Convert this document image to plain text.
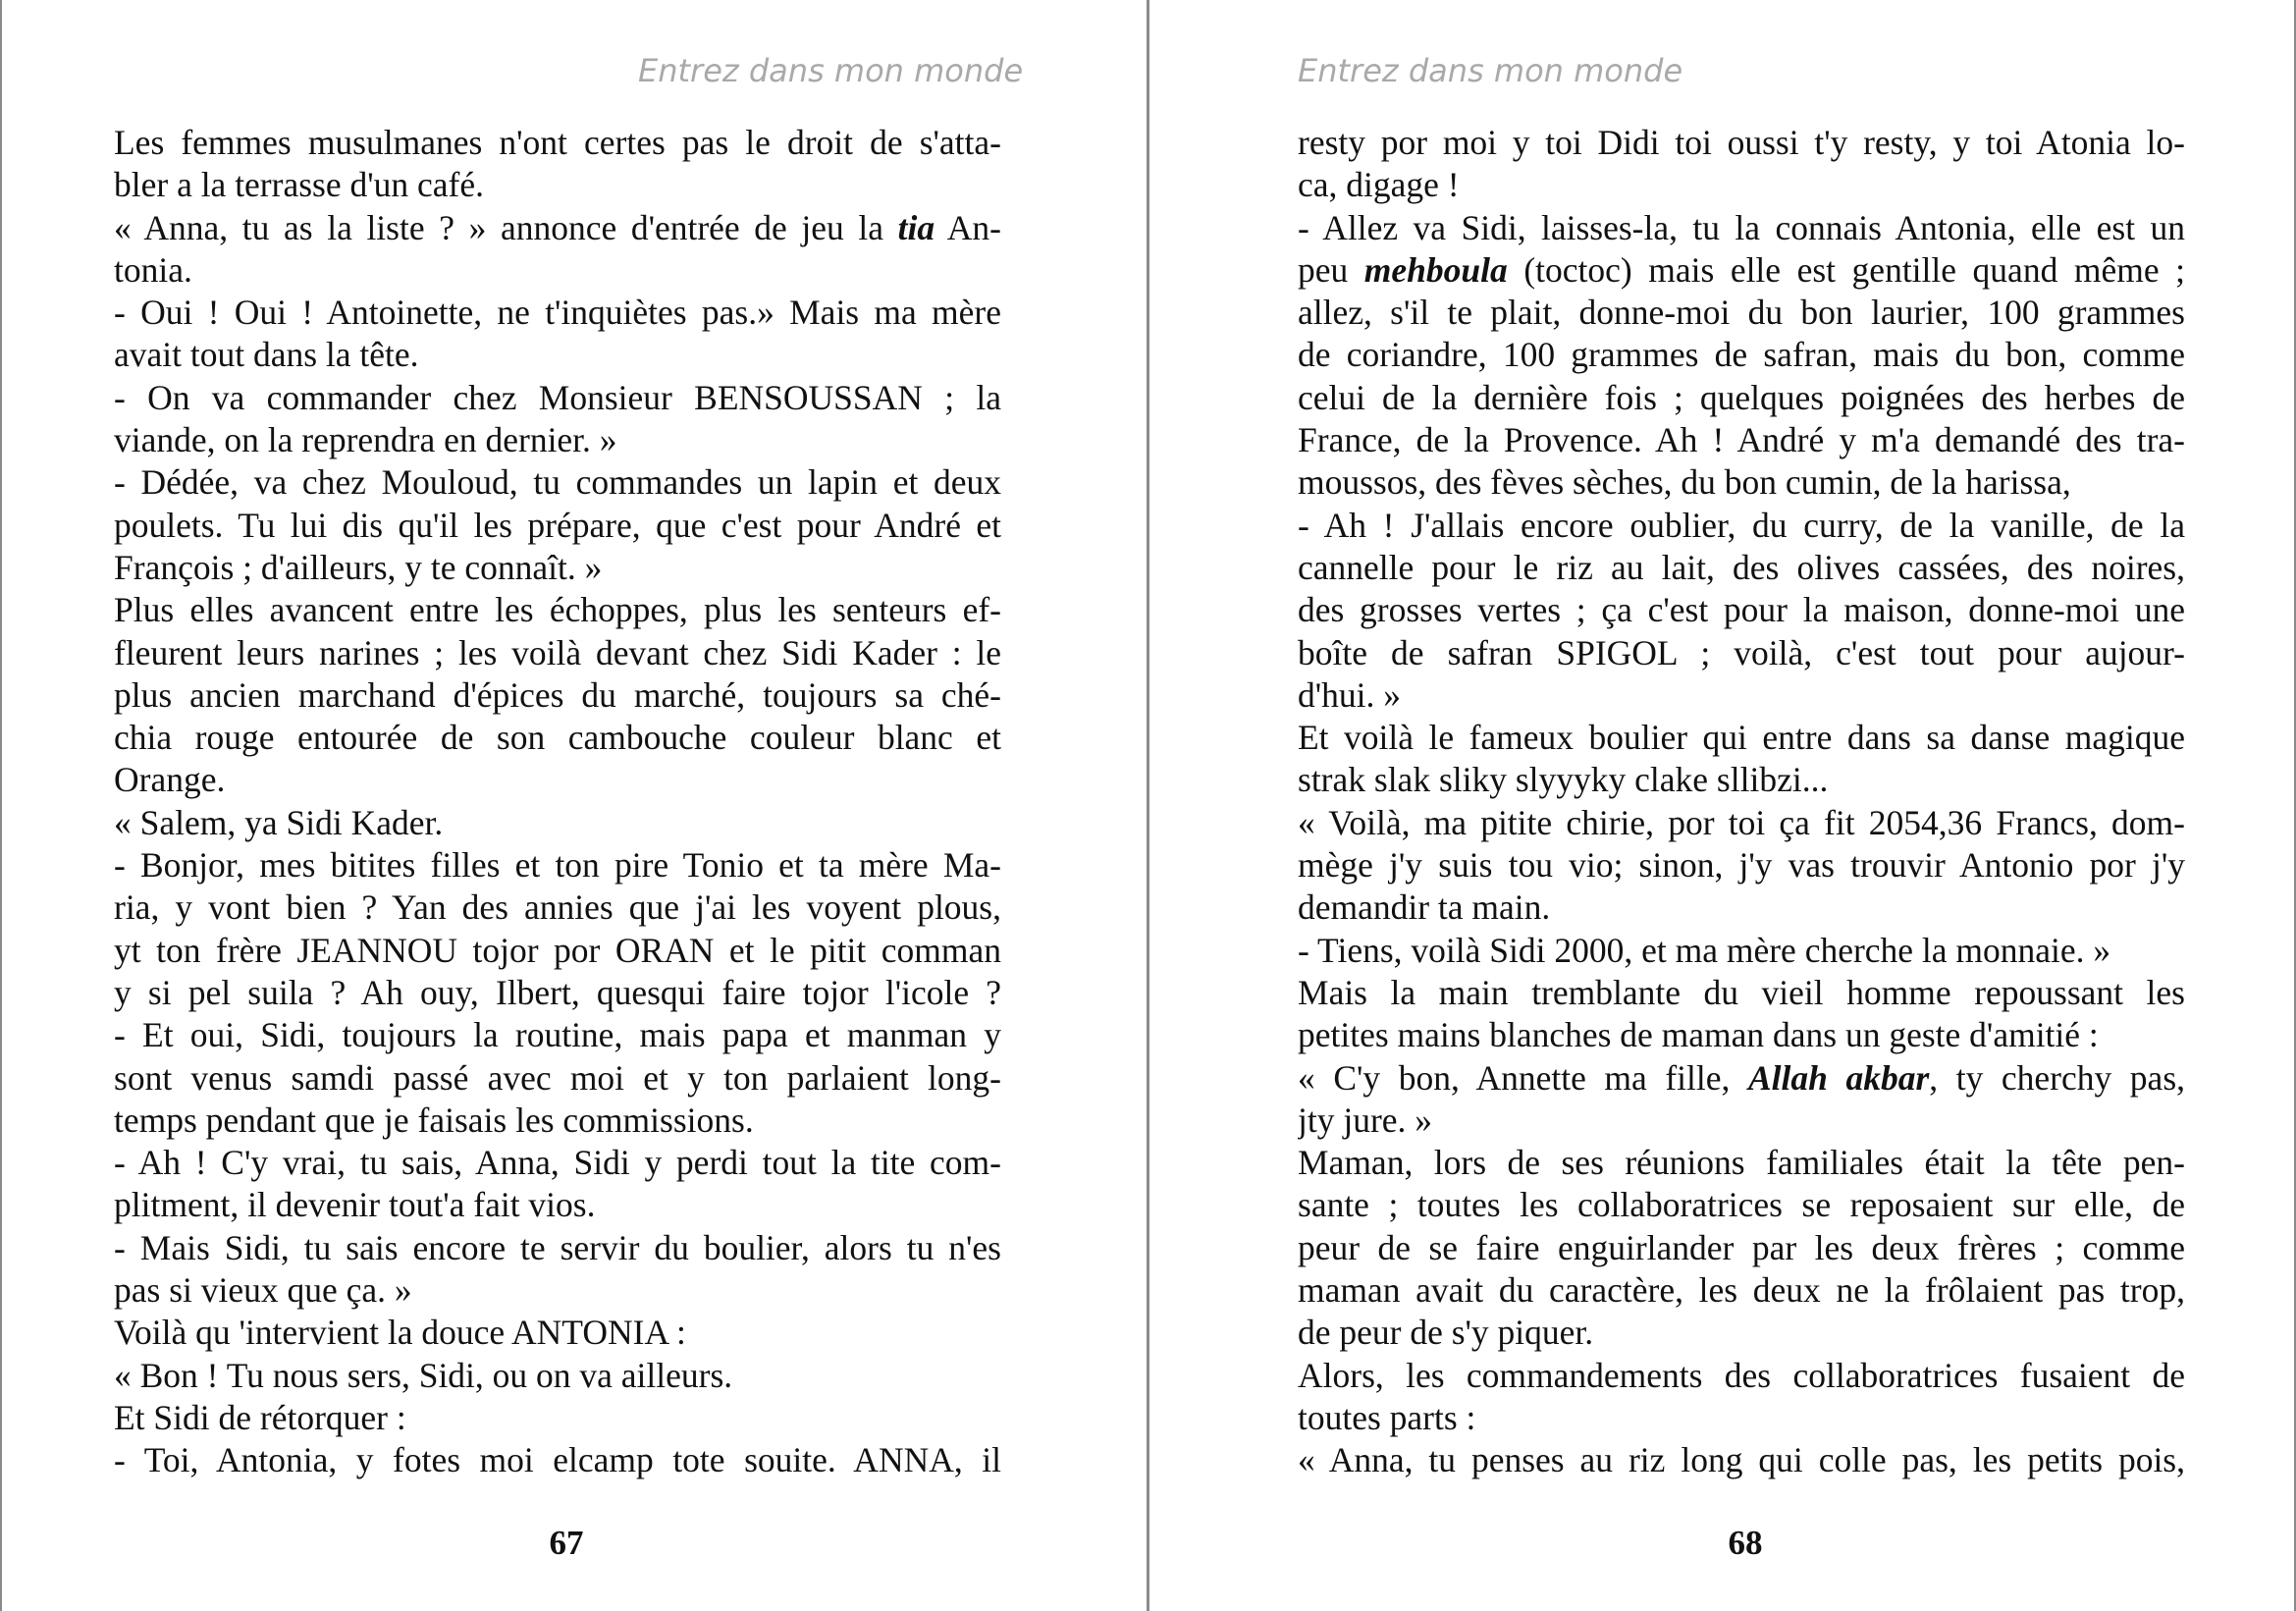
Entrez dans mon monde
Les femmes musulmanes n'ont certes pas le droit de s'atta-
bler a la terrasse d'un café.
« Anna, tu as la liste ? » annonce d'entrée de jeu la tia An-
tonia.
- Oui ! Oui ! Antoinette, ne t'inquiètes pas.» Mais ma mère
avait tout dans la tête.
- On va commander chez Monsieur BENSOUSSAN ; la
viande, on la reprendra en dernier. »
- Dédée, va chez Mouloud, tu commandes un lapin et deux
poulets. Tu lui dis qu'il les prépare, que c'est pour André et
François ; d'ailleurs, y te connaît. »
Plus elles avancent entre les échoppes, plus les senteurs ef-
fleurent leurs narines ; les voilà devant chez Sidi Kader : le
plus ancien marchand d'épices du marché, toujours sa ché-
chia rouge entourée de son cambouche couleur blanc et
Orange.
« Salem, ya Sidi Kader.
- Bonjor, mes bitites filles et ton pire Tonio et ta mère Ma-
ria, y vont bien ? Yan des annies que j'ai les voyent plous,
yt ton frère JEANNOU tojor por ORAN et le pitit comman
y si pel suila ? Ah ouy, Ilbert, quesqui faire tojor l'icole ?
- Et oui, Sidi, toujours la routine, mais papa et manman y
sont venus samdi passé avec moi et y ton parlaient long-
temps pendant que je faisais les commissions.
- Ah ! C'y vrai, tu sais, Anna, Sidi y perdi tout la tite com-
plitment, il devenir tout'a fait vios.
- Mais Sidi, tu sais encore te servir du boulier, alors tu n'es
pas si vieux que ça. »
Voilà qu 'intervient la douce ANTONIA :
« Bon ! Tu nous sers, Sidi, ou on va ailleurs.
Et Sidi de rétorquer :
- Toi, Antonia, y fotes moi elcamp tote souite. ANNA, il
67
Entrez dans mon monde
resty por moi y toi Didi toi oussi t'y resty, y toi Atonia lo-
ca, digage !
- Allez va Sidi, laisses-la, tu la connais Antonia, elle est un
peu mehboula (toctoc) mais elle est gentille quand même ;
allez, s'il te plait, donne-moi du bon laurier, 100 grammes
de coriandre, 100 grammes de safran, mais du bon, comme
celui de la dernière fois ; quelques poignées des herbes de
France, de la Provence. Ah ! André y m'a demandé des tra-
moussos, des fèves sèches, du bon cumin, de la harissa,
- Ah ! J'allais encore oublier, du curry, de la vanille, de la
cannelle pour le riz au lait, des olives cassées, des noires,
des grosses vertes ; ça c'est pour la maison, donne-moi une
boîte de safran SPIGOL ; voilà, c'est tout pour aujour-
d'hui. »
Et voilà le fameux boulier qui entre dans sa danse magique
strak slak sliky slyyyky clake sllibzi...
« Voilà, ma pitite chirie, por toi ça fit 2054,36 Francs, dom-
mège j'y suis tou vio; sinon, j'y vas trouvir Antonio por j'y
demandir ta main.
- Tiens, voilà Sidi 2000, et ma mère cherche la monnaie. »
Mais la main tremblante du vieil homme repoussant les
petites mains blanches de maman dans un geste d'amitié :
« C'y bon, Annette ma fille, Allah akbar, ty cherchy pas,
jty jure. »
Maman, lors de ses réunions familiales était la tête pen-
sante ; toutes les collaboratrices se reposaient sur elle, de
peur de se faire enguirlander par les deux frères ; comme
maman avait du caractère, les deux ne la frôlaient pas trop,
de peur de s'y piquer.
Alors, les commandements des collaboratrices fusaient de
toutes parts :
« Anna, tu penses au riz long qui colle pas, les petits pois,
68
